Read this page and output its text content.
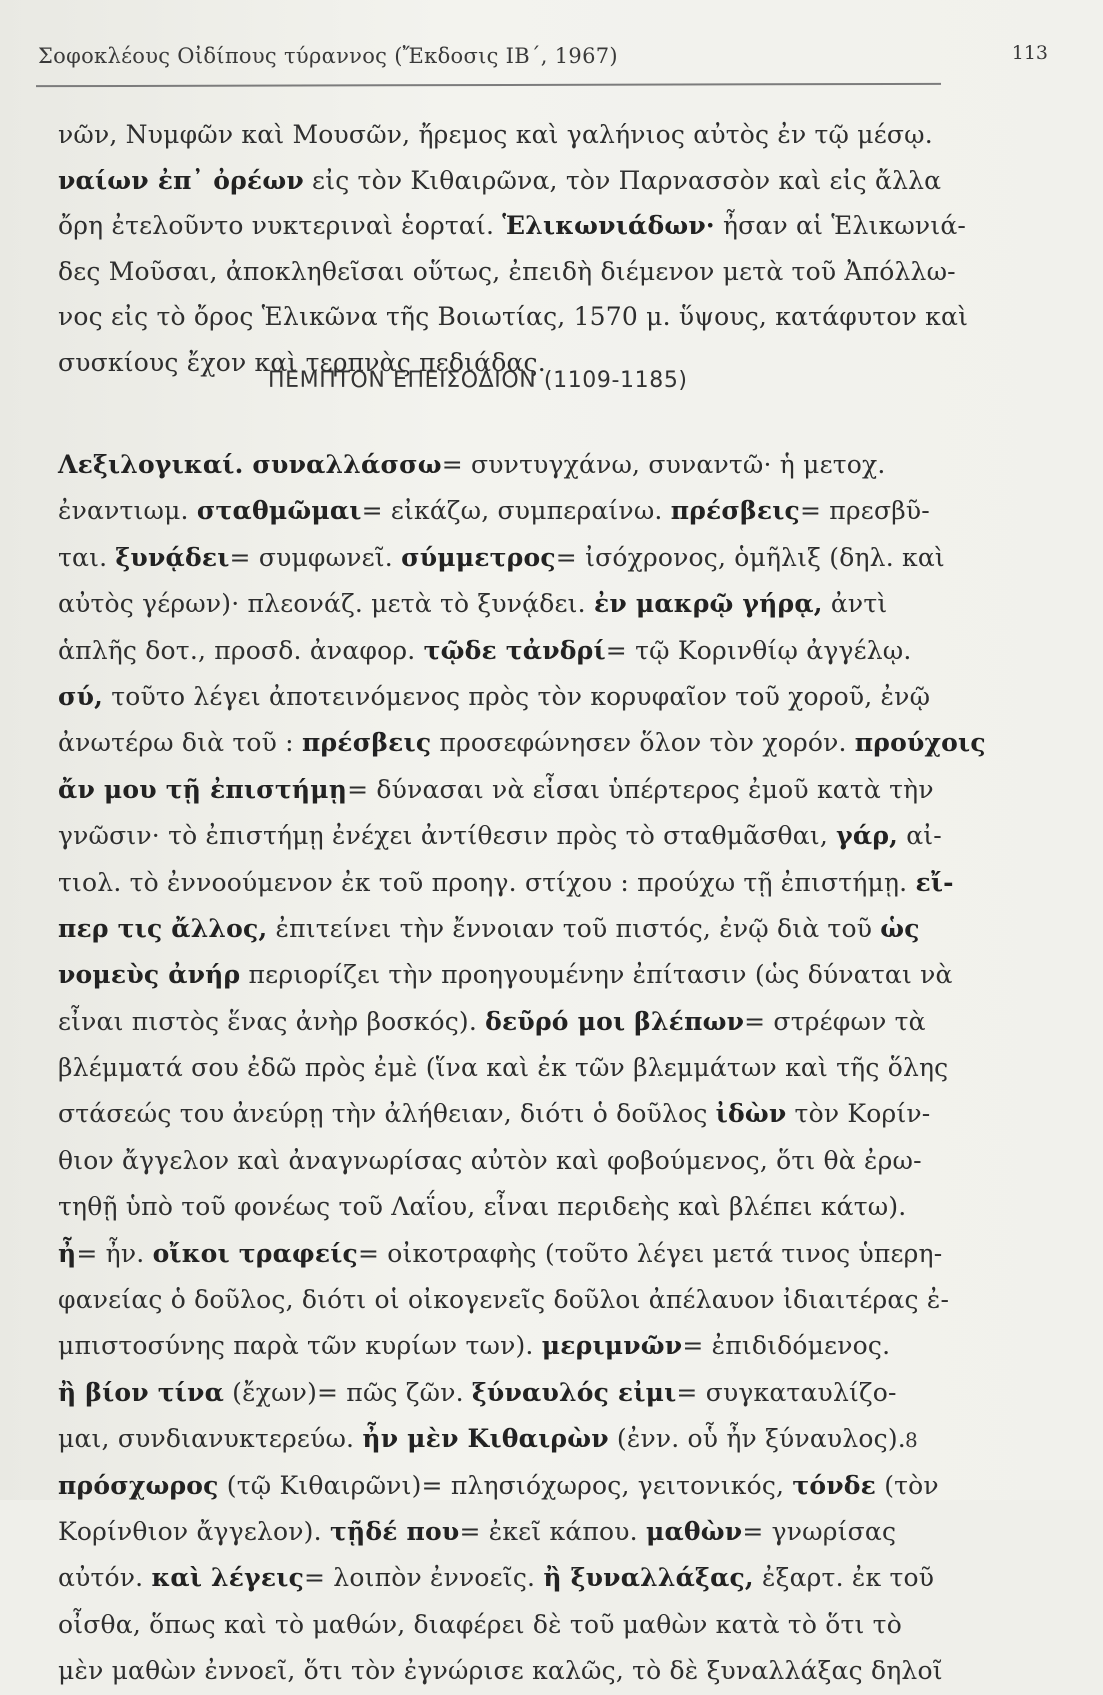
Σοφοκλέους Οἰδίπους τύραννος (Ἔκδοσις ΙΒ΄, 1967)	113
νῶν, Νυμφῶν καὶ Μουσῶν, ἤρεμος καὶ γαλήνιος αὐτὸς ἐν τῷ μέσῳ.
ναίων ἐπ᾽ ὀρέων εἰς τὸν Κιθαιρῶνα, τὸν Παρνασσὸν καὶ εἰς ἄλλα
ὄρη ἐτελοῦντο νυκτεριναὶ ἑορταί. Ἑλικωνιάδων· ἦσαν αἱ Ἑλικωνιά-
δες Μοῦσαι, ἀποκληθεῖσαι οὕτως, ἐπειδὴ διέμενον μετὰ τοῦ Ἀπόλλω-
νος εἰς τὸ ὄρος Ἑλικῶνα τῆς Βοιωτίας, 1570 μ. ὕψους, κατάφυτον καὶ
συσκίους ἔχον καὶ τερπνὰς πεδιάδας.
ΠΕΜΠΤΟΝ ΕΠΕΙΣΟΔΙΟΝ (1109-1185)
Λεξιλογικαί. συναλλάσσω= συντυγχάνω, συναντῶ· ἡ μετοχ.
ἐναντιωμ. σταθμῶμαι= εἰκάζω, συμπεραίνω. πρέσβεις= πρεσβῦ-
ται. ξυνᾴδει= συμφωνεῖ. σύμμετρος= ἰσόχρονος, ὁμῆλιξ (δηλ. καὶ
αὐτὸς γέρων)· πλεονάζ. μετὰ τὸ ξυνᾴδει. ἐν μακρῷ γήρᾳ, ἀντὶ
ἁπλῆς δοτ., προσδ. ἀναφορ. τῷδε τἀνδρί= τῷ Κορινθίῳ ἀγγέλῳ.
σύ, τοῦτο λέγει ἀποτεινόμενος πρὸς τὸν κορυφαῖον τοῦ χοροῦ, ἐνῷ
ἀνωτέρω διὰ τοῦ : πρέσβεις προσεφώνησεν ὅλον τὸν χορόν. προύχοις
ἄν μου τῇ ἐπιστήμῃ= δύνασαι νὰ εἶσαι ὑπέρτερος ἐμοῦ κατὰ τὴν
γνῶσιν· τὸ ἐπιστήμῃ ἐνέχει ἀντίθεσιν πρὸς τὸ σταθμᾶσθαι, γάρ, αἰ-
τιολ. τὸ ἐννοούμενον ἐκ τοῦ προηγ. στίχου : προύχω τῇ ἐπιστήμῃ. εἴ-
περ τις ἄλλος, ἐπιτείνει τὴν ἔννοιαν τοῦ πιστός, ἐνῷ διὰ τοῦ ὡς
νομεὺς ἀνήρ περιορίζει τὴν προηγουμένην ἐπίτασιν (ὡς δύναται νὰ
εἶναι πιστὸς ἕνας ἀνὴρ βοσκός). δεῦρό μοι βλέπων= στρέφων τὰ
βλέμματά σου ἐδῶ πρὸς ἐμὲ (ἵνα καὶ ἐκ τῶν βλεμμάτων καὶ τῆς ὅλης
στάσεώς του ἀνεύρῃ τὴν ἀλήθειαν, διότι ὁ δοῦλος ἰδὼν τὸν Κορίν-
θιον ἄγγελον καὶ ἀναγνωρίσας αὐτὸν καὶ φοβούμενος, ὅτι θὰ ἐρω-
τηθῇ ὑπὸ τοῦ φονέως τοῦ Λαΐου, εἶναι περιδεὴς καὶ βλέπει κάτω).
ἦ= ἦν. οἴκοι τραφείς= οἰκοτραφὴς (τοῦτο λέγει μετά τινος ὑπερη-
φανείας ὁ δοῦλος, διότι οἱ οἰκογενεῖς δοῦλοι ἀπέλαυον ἰδιαιτέρας ἐ-
μπιστοσύνης παρὰ τῶν κυρίων των). μεριμνῶν= ἐπιδιδόμενος.
ἢ βίον τίνα (ἔχων)= πῶς ζῶν. ξύναυλός εἰμι= συγκαταυλίζο-
μαι, συνδιανυκτερεύω. ἦν μὲν Κιθαιρὼν (ἐνν. οὗ ἦν ξύναυλος).
πρόσχωρος (τῷ Κιθαιρῶνι)= πλησιόχωρος, γειτονικός, τόνδε (τὸν
Κορίνθιον ἄγγελον). τῇδέ που= ἐκεῖ κάπου. μαθὼν= γνωρίσας
αὐτόν. καὶ λέγεις= λοιπὸν ἐννοεῖς. ἢ ξυναλλάξας, ἐξαρτ. ἐκ τοῦ
οἶσθα, ὅπως καὶ τὸ μαθών, διαφέρει δὲ τοῦ μαθὼν κατὰ τὸ ὅτι τὸ
μὲν μαθὼν ἐννοεῖ, ὅτι τὸν ἐγνώρισε καλῶς, τὸ δὲ ξυναλλάξας δηλοῖ
8
